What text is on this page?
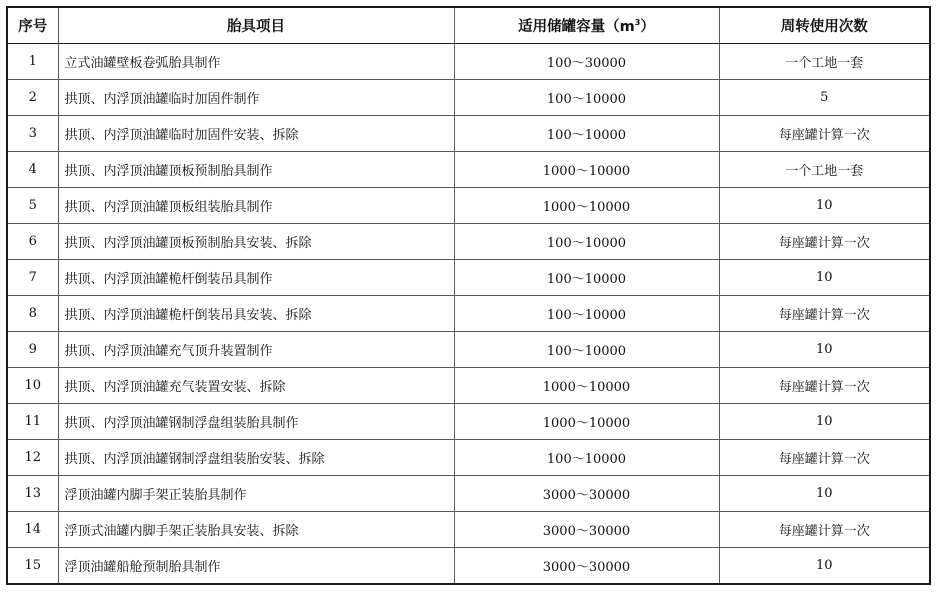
序号	胎具项目	适用储罐容量$(m^3)$	周转使用次数
1	立式油罐壁板卷弧胎具制作	100～30000	一个工地一套
2	拱顶、内浮顶油罐临时加固件制作	100～10000	5
3	拱顶、内浮顶油罐临时加固件安装、拆除	100～10000	每座罐计算一次
4	拱顶、内浮顶油罐顶板预制胎具制作	1000～10000	一个工地一套
5	拱顶、内浮顶油罐顶板组装胎具制作	1000～10000	10
6	拱顶、内浮顶油罐顶板预制胎具安装、拆除	100～10000	每座罐计算一次
7	拱顶、内浮顶油罐桅杆倒装吊具制作	100～10000	10
8	拱顶、内浮顶油罐桅杆倒装吊具安装、拆除	100～10000	每座罐计算一次
9	拱顶、内浮顶油罐充气顶升装置制作	100～10000	10
10	拱顶、内浮顶油罐充气装置安装、拆除	1000～10000	每座罐计算一次
11	拱顶、内浮顶油罐钢制浮盘组装胎具制作	1000～10000	10
12	拱顶、内浮顶油罐钢制浮盘组装胎安装、拆除	100～10000	每座罐计算一次
13	浮顶油罐内脚手架正装胎具制作	3000～30000	10
14	浮顶式油罐内脚手架正装胎具安装、拆除	3000～30000	每座罐计算一次
15	浮顶油罐船舱预制胎具制作	3000～30000	10
